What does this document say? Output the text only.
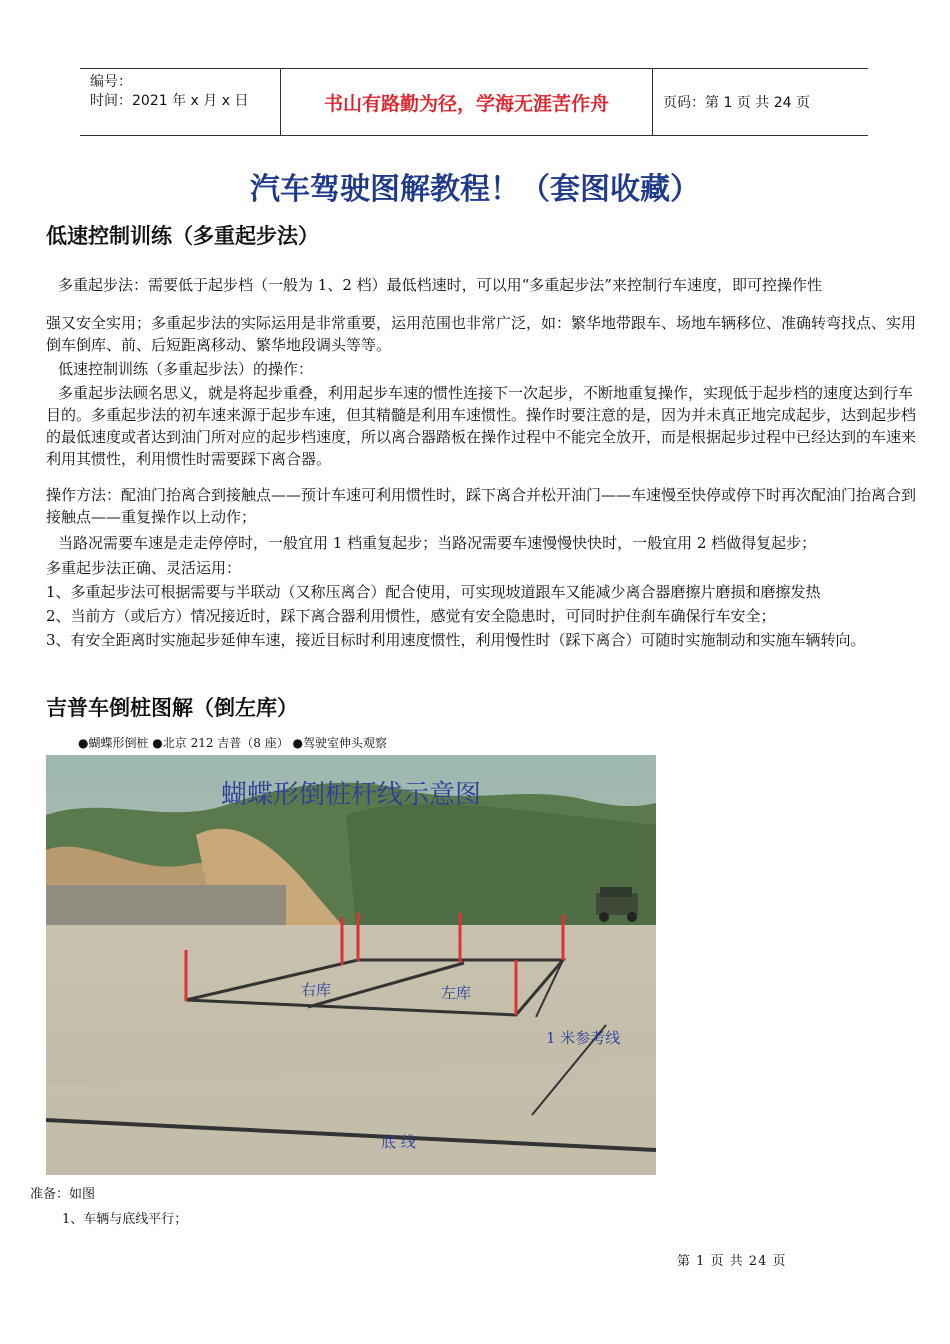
编号：
时间：2021 年 x 月 x 日	书山有路勤为径，学海无涯苦作舟	页码：第 1 页 共 24 页
汽车驾驶图解教程！（套图收藏）
低速控制训练（多重起步法）
多重起步法：需要低于起步档（一般为 1、2 档）最低档速时，可以用“多重起步法”来控制行车速度，即可控操作性
强又安全实用；多重起步法的实际运用是非常重要，运用范围也非常广泛，如：繁华地带跟车、场地车辆移位、准确转弯找点、实用倒车倒库、前、后短距离移动、繁华地段调头等等。
低速控制训练（多重起步法）的操作：
多重起步法顾名思义，就是将起步重叠，利用起步车速的惯性连接下一次起步，不断地重复操作，实现低于起步档的速度达到行车目的。多重起步法的初车速来源于起步车速，但其精髓是利用车速惯性。操作时要注意的是，因为并未真正地完成起步，达到起步档的最低速度或者达到油门所对应的起步档速度，所以离合器踏板在操作过程中不能完全放开，而是根据起步过程中已经达到的车速来利用其惯性，利用惯性时需要踩下离合器。
操作方法：配油门抬离合到接触点——预计车速可利用惯性时，踩下离合并松开油门——车速慢至快停或停下时再次配油门抬离合到接触点——重复操作以上动作；
当路况需要车速是走走停停时，一般宜用 1 档重复起步；当路况需要车速慢慢快快时，一般宜用 2 档做得复起步；
多重起步法正确、灵活运用：
1、多重起步法可根据需要与半联动（又称压离合）配合使用，可实现坡道跟车又能减少离合器磨擦片磨损和磨擦发热
2、当前方（或后方）情况接近时，踩下离合器利用惯性，感觉有安全隐患时，可同时护住刹车确保行车安全；
3、有安全距离时实施起步延伸车速，接近目标时利用速度惯性，利用慢性时（踩下离合）可随时实施制动和实施车辆转向。
吉普车倒桩图解（倒左库）
●蝴蝶形倒桩 ●北京 212 吉普（8 座） ●驾驶室伸头观察
蝴蝶形倒桩杆线示意图
右库	左库
1 米参考线
底 线
准备：如图
1、车辆与底线平行；
第 1 页 共 24 页
